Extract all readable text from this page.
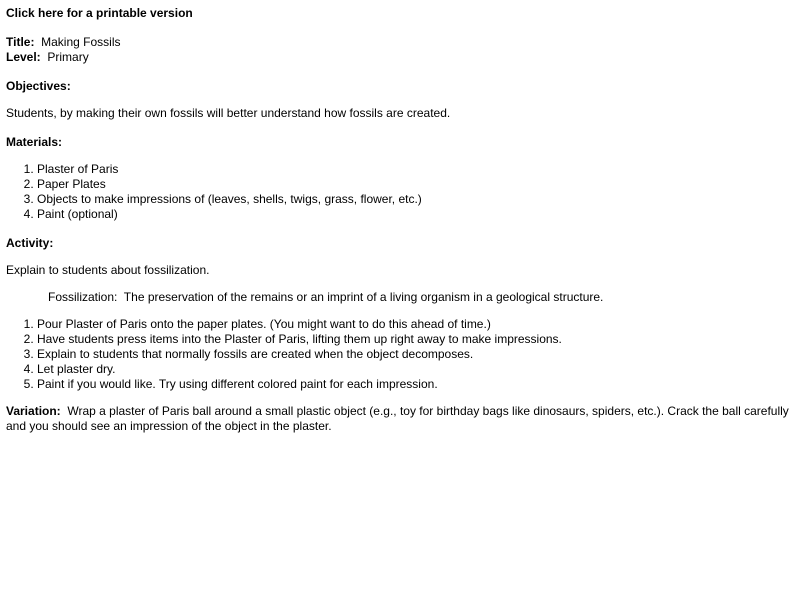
Click here for a printable version
Title: Making Fossils
Level: Primary
Objectives:
Students, by making their own fossils will better understand how fossils are created.
Materials:
1. Plaster of Paris
2. Paper Plates
3. Objects to make impressions of (leaves, shells, twigs, grass, flower, etc.)
4. Paint (optional)
Activity:
Explain to students about fossilization.
Fossilization:  The preservation of the remains or an imprint of a living organism in a geological structure.
1. Pour Plaster of Paris onto the paper plates. (You might want to do this ahead of time.)
2. Have students press items into the Plaster of Paris, lifting them up right away to make impressions.
3. Explain to students that normally fossils are created when the object decomposes.
4. Let plaster dry.
5. Paint if you would like. Try using different colored paint for each impression.
Variation: Wrap a plaster of Paris ball around a small plastic object (e.g., toy for birthday bags like dinosaurs, spiders, etc.). Crack the ball carefully and you should see an impression of the object in the plaster.
